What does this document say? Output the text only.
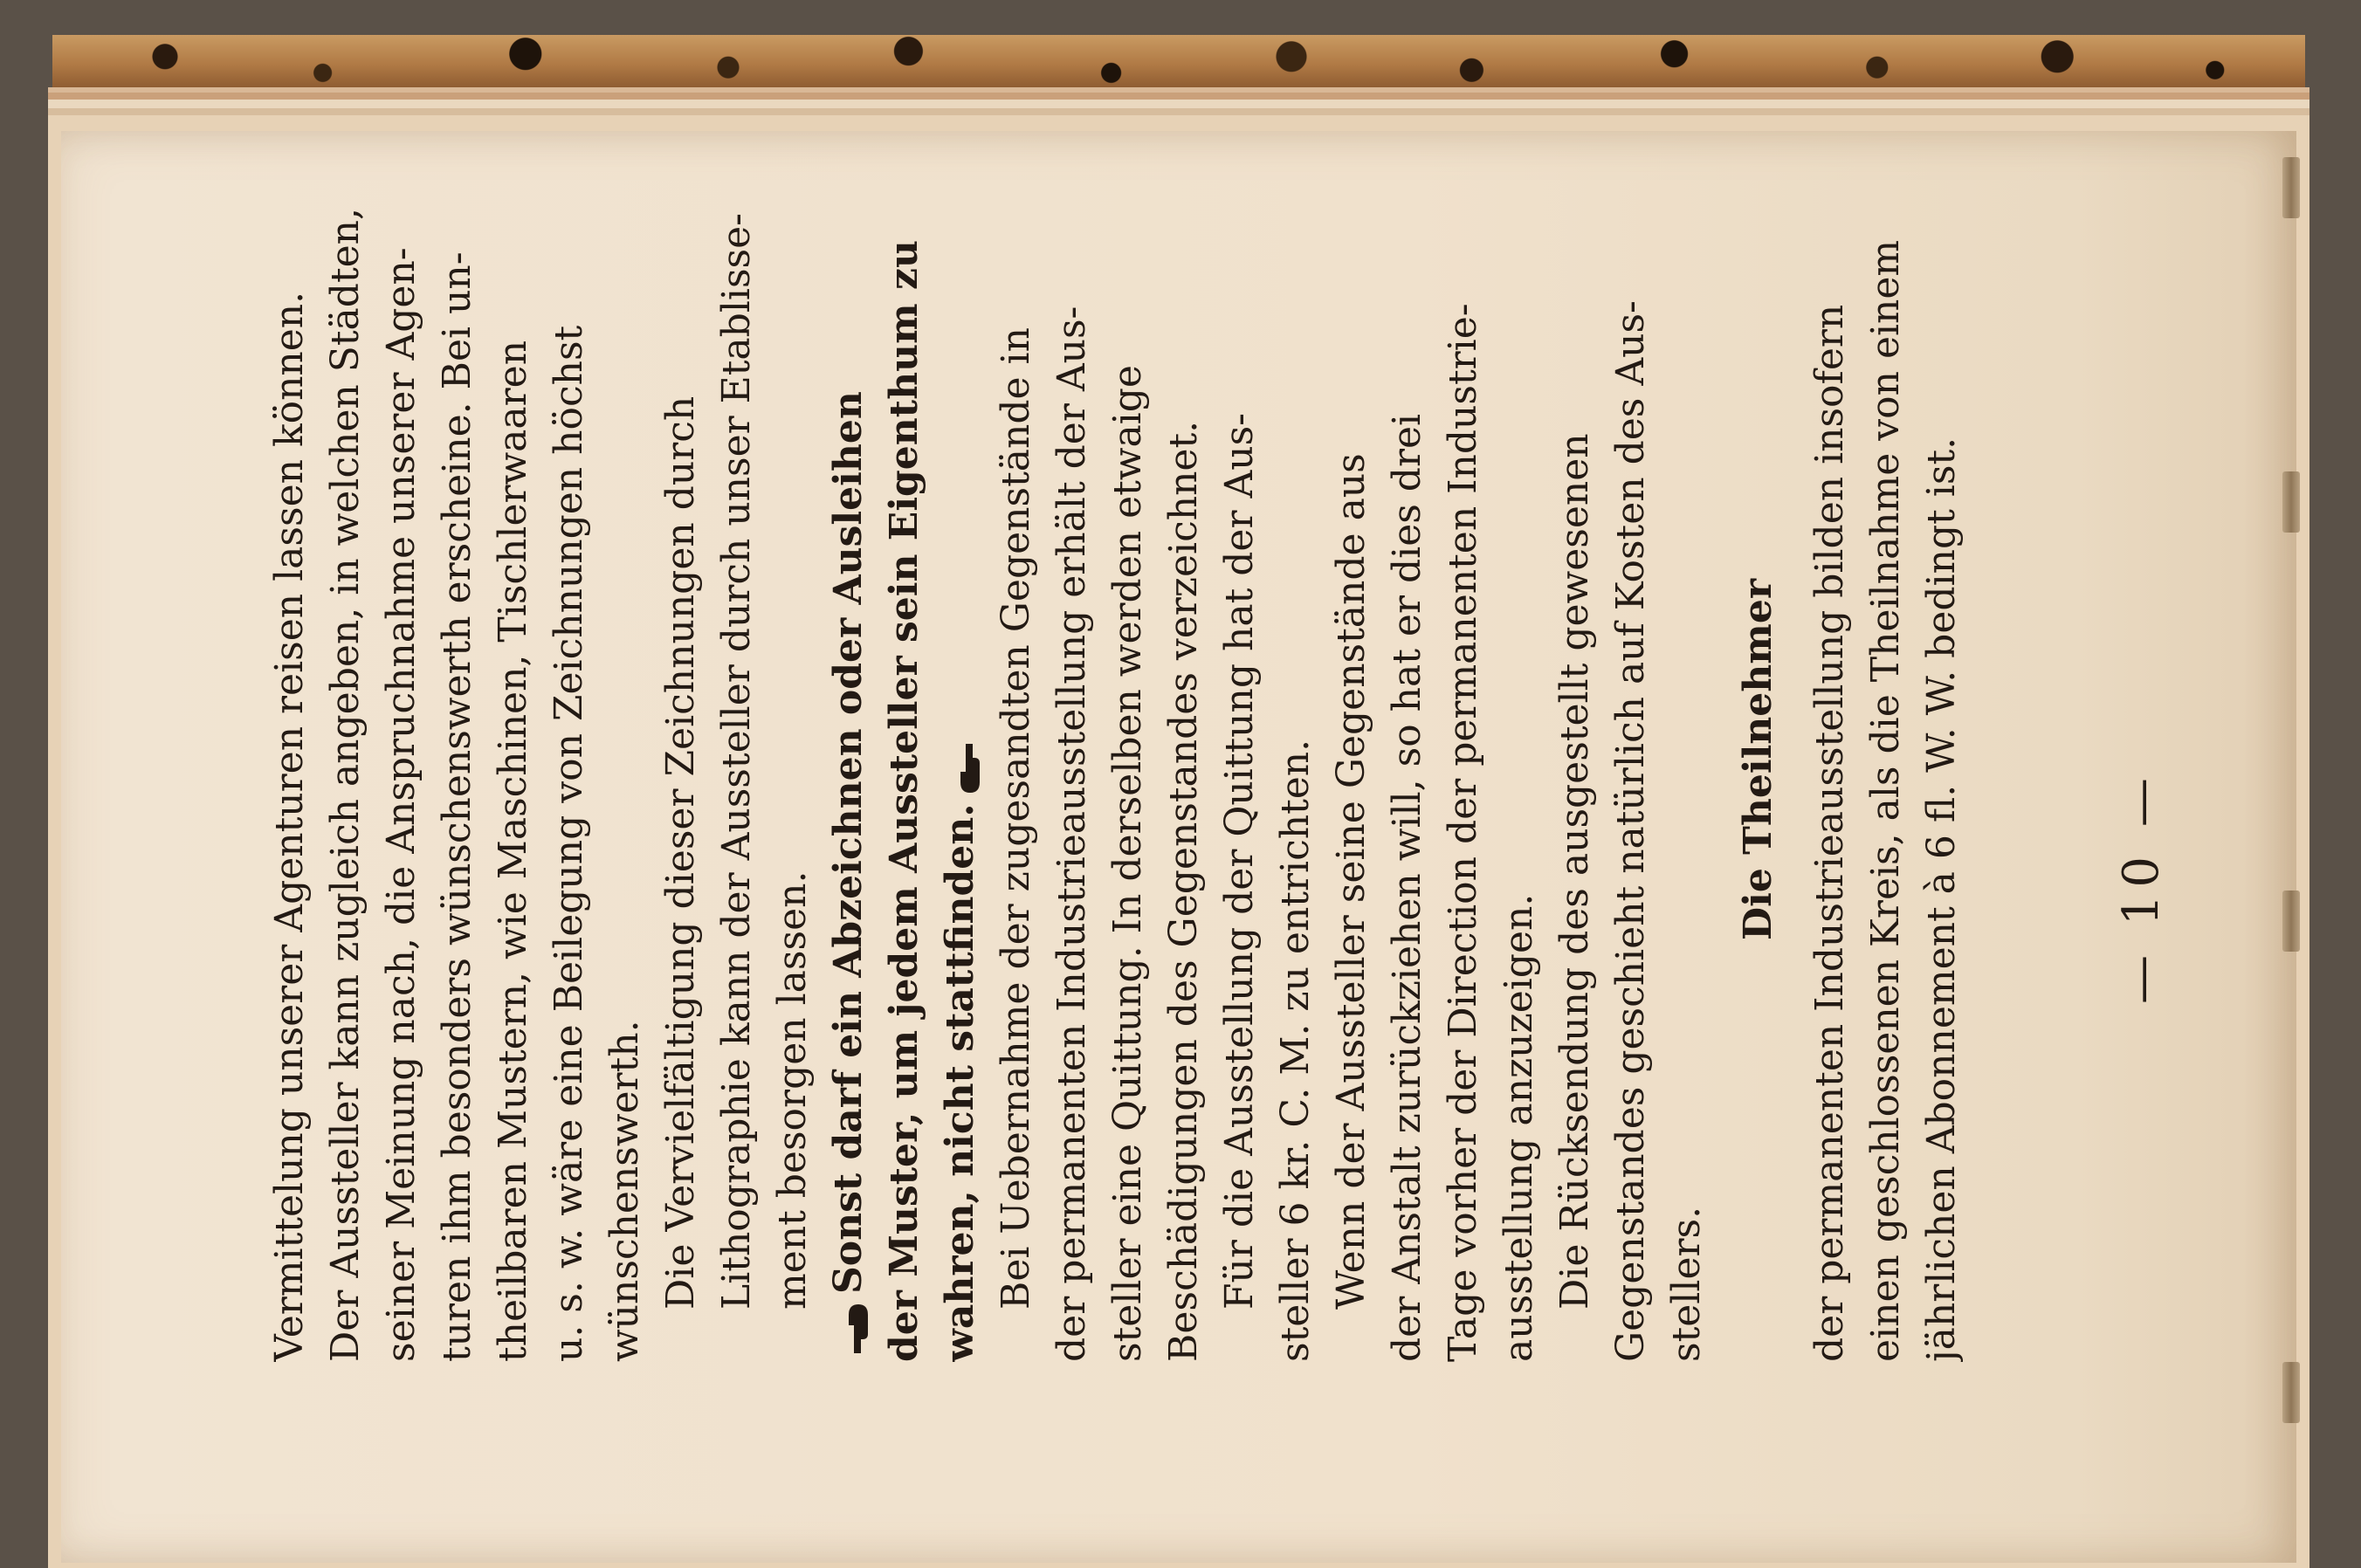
— 10 —
Vermittelung unserer Agenturen reisen lassen können. Der Aussteller kann zugleich angeben, in welchen Städten, seiner Meinung nach, die Anspruchnahme unserer Agen- turen ihm besonders wünschenswerth erscheine. Bei un- theilbaren Mustern, wie Maschinen, Tischlerwaaren u. s. w. wäre eine Beilegung von Zeichnungen höchst wünschenswerth. Die Vervielfältigung dieser Zeichnungen durch Lithographie kann der Aussteller durch unser Etablisse- ment besorgen lassen. Sonst darf ein Abzeichnen oder Ausleihen der Muster, um jedem Aussteller sein Eigenthum zu wahren, nicht stattfinden. Bei Uebernahme der zugesandten Gegenstände in der permanenten Industrieausstellung erhält der Aus- steller eine Quittung. In derselben werden etwaige Beschädigungen des Gegenstandes verzeichnet. Für die Ausstellung der Quittung hat der Aus- steller 6 kr. C. M. zu entrichten. Wenn der Aussteller seine Gegenstände aus der Anstalt zurückziehen will, so hat er dies drei Tage vorher der Direction der permanenten Industrie- ausstellung anzuzeigen. Die Rücksendung des ausgestellt gewesenen Gegenstandes geschieht natürlich auf Kosten des Aus- stellers.
Die Theilnehmer der permanenten Industrieausstellung bilden insofern einen geschlossenen Kreis, als die Theilnahme von einem jährlichen Abonnement à 6 fl. W. W. bedingt ist.
